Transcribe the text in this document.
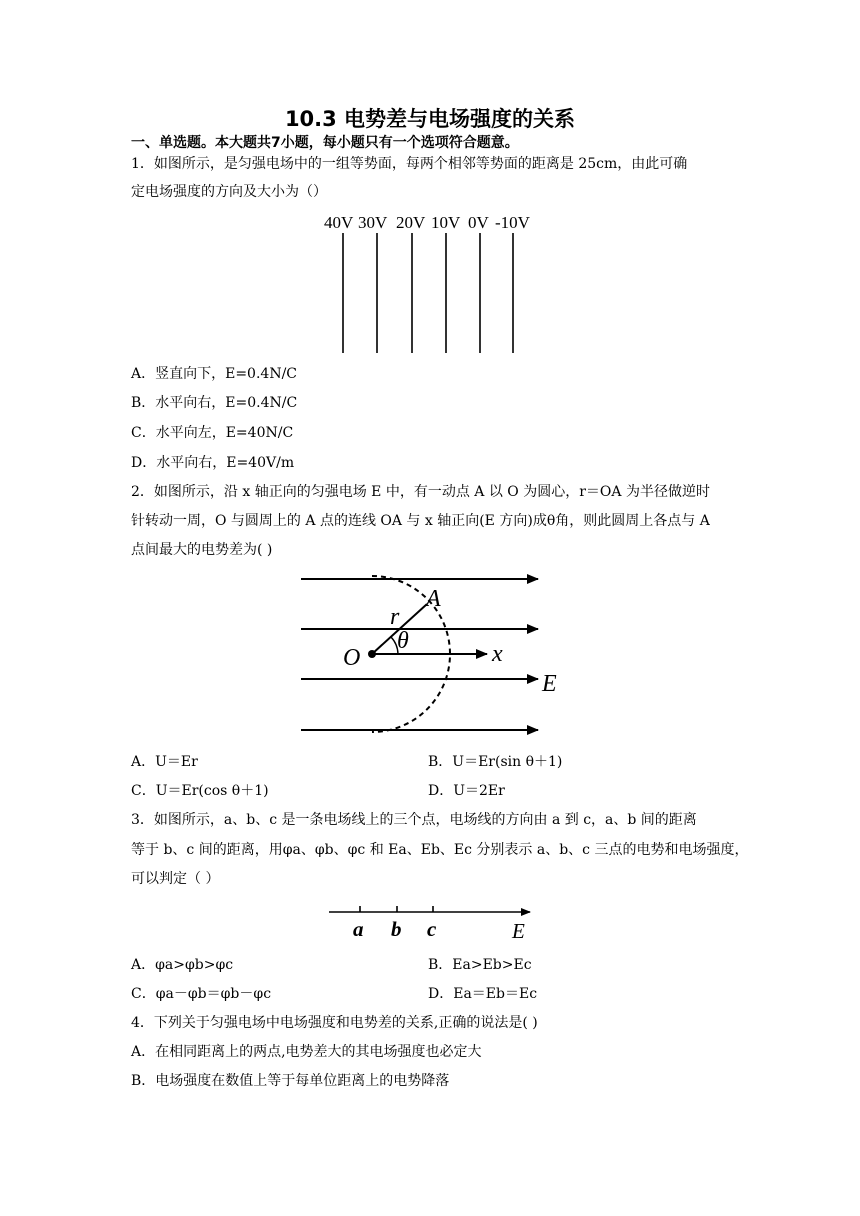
10.3 电势差与电场强度的关系
一、单选题。本大题共7小题，每小题只有一个选项符合题意。
1．如图所示，是匀强电场中的一组等势面，每两个相邻等势面的距离是 25cm，由此可确
定电场强度的方向及大小为（）
40V 30V 20V 10V 0V -10V
A．竖直向下，E=0.4N/C
B．水平向右，E=0.4N/C
C．水平向左，E=40N/C
D．水平向右，E=40V/m
2．如图所示，沿 x 轴正向的匀强电场 E 中，有一动点 A 以 O 为圆心，r＝OA 为半径做逆时
针转动一周，O 与圆周上的 A 点的连线 OA 与 x 轴正向(E 方向)成θ角，则此圆周上各点与 A
点间最大的电势差为( )
A
r
θ
O	x
E
A．U＝Er	B．U＝Er(sin θ＋1)
C．U＝Er(cos θ＋1)	D．U＝2Er
3．如图所示，a、b、c 是一条电场线上的三个点，电场线的方向由 a 到 c，a、b 间的距离
等于 b、c 间的距离，用φa、φb、φc 和 Ea、Eb、Ec 分别表示 a、b、c 三点的电势和电场强度，
可以判定（ ）
a b c	E
A．φa>φb>φc	B．Ea>Eb>Ec
C．φa－φb＝φb－φc	D．Ea＝Eb＝Ec
4．下列关于匀强电场中电场强度和电势差的关系,正确的说法是( )
A．在相同距离上的两点,电势差大的其电场强度也必定大
B．电场强度在数值上等于每单位距离上的电势降落
